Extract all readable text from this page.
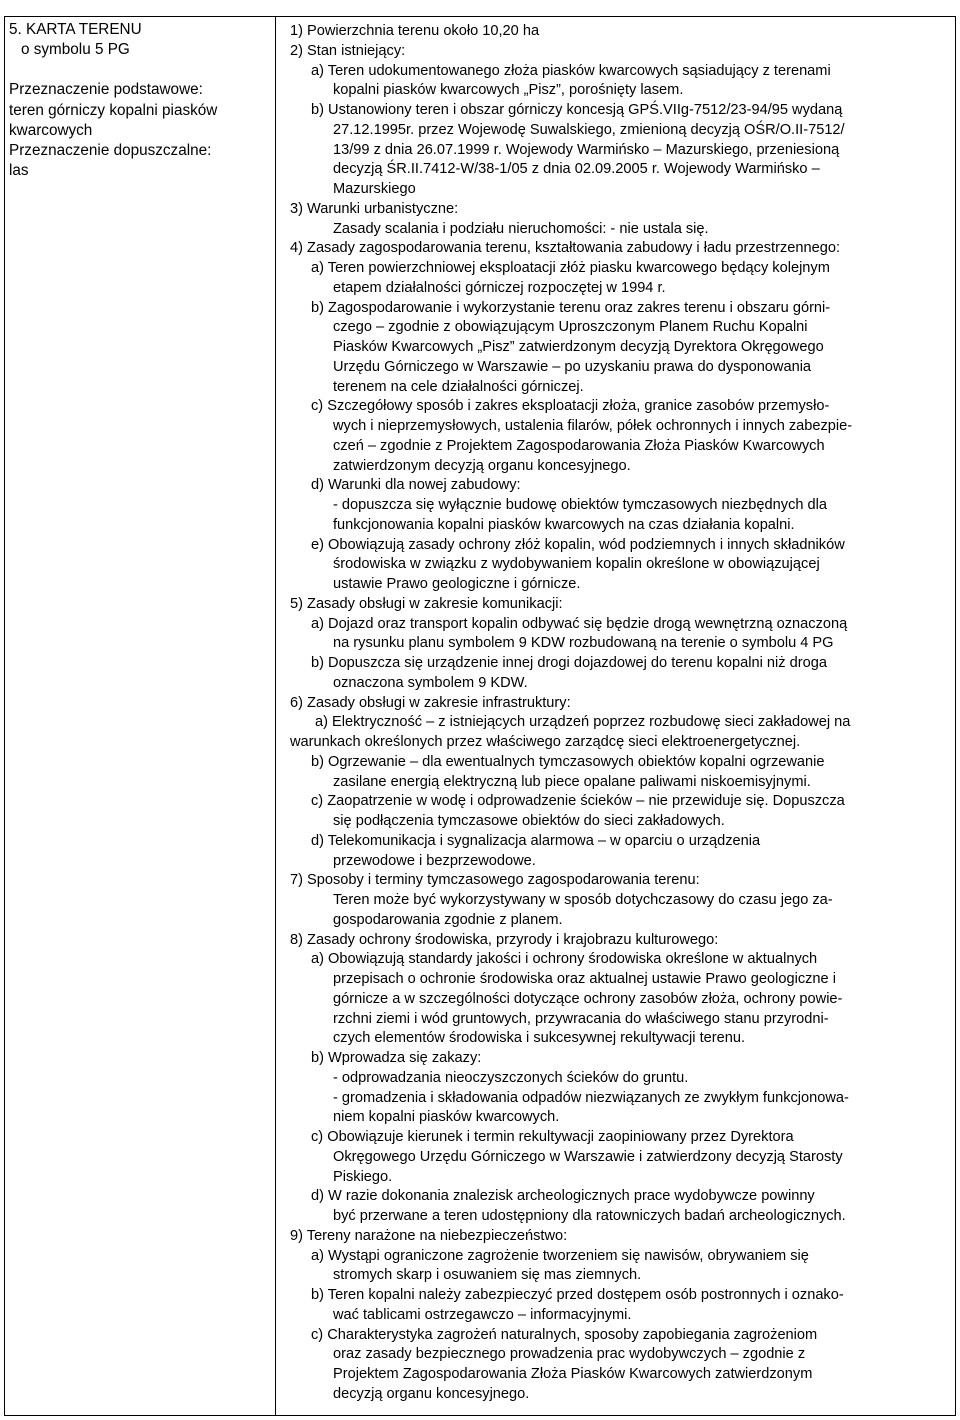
5. KARTA TERENU
o symbolu 5 PG
Przeznaczenie podstawowe:
teren górniczy kopalni piasków
kwarcowych
Przeznaczenie dopuszczalne:
las
1) Powierzchnia terenu około 10,20 ha
2) Stan istniejący:
a) Teren udokumentowanego złoża piasków kwarcowych sąsiadujący z terenami
kopalni piasków kwarcowych „Pisz”, porośnięty lasem.
b) Ustanowiony teren i obszar górniczy koncesją GPŚ.VIIg-7512/23-94/95 wydaną
27.12.1995r. przez Wojewodę Suwalskiego, zmienioną decyzją OŚR/O.II-7512/
13/99 z dnia 26.07.1999 r. Wojewody Warmińsko – Mazurskiego, przeniesioną
decyzją ŚR.II.7412-W/38-1/05 z dnia 02.09.2005 r. Wojewody Warmińsko –
Mazurskiego
3) Warunki urbanistyczne:
Zasady scalania i podziału nieruchomości: - nie ustala się.
4) Zasady zagospodarowania terenu, kształtowania zabudowy i ładu przestrzennego:
a) Teren powierzchniowej eksploatacji złóż piasku kwarcowego będący kolejnym
etapem działalności górniczej rozpoczętej w 1994 r.
b) Zagospodarowanie i wykorzystanie terenu oraz zakres terenu i obszaru górni-
czego – zgodnie z obowiązującym Uproszczonym Planem Ruchu Kopalni
Piasków Kwarcowych „Pisz” zatwierdzonym decyzją Dyrektora Okręgowego
Urzędu Górniczego w Warszawie – po uzyskaniu prawa do dysponowania
terenem na cele działalności górniczej.
c) Szczegółowy sposób i zakres eksploatacji złoża, granice zasobów przemysło-
wych i nieprzemysłowych, ustalenia filarów, półek ochronnych i innych zabezpie-
czeń – zgodnie z Projektem Zagospodarowania Złoża Piasków Kwarcowych
zatwierdzonym decyzją organu koncesyjnego.
d) Warunki dla nowej zabudowy:
- dopuszcza się wyłącznie budowę obiektów tymczasowych niezbędnych dla
funkcjonowania kopalni piasków kwarcowych na czas działania kopalni.
e) Obowiązują zasady ochrony złóż kopalin, wód podziemnych i innych składników
środowiska w związku z wydobywaniem kopalin określone w obowiązującej
ustawie Prawo geologiczne i górnicze.
5) Zasady obsługi w zakresie komunikacji:
a) Dojazd oraz transport kopalin odbywać się będzie drogą wewnętrzną oznaczoną
na rysunku planu symbolem 9 KDW rozbudowaną na terenie o symbolu 4 PG
b) Dopuszcza się urządzenie innej drogi dojazdowej do terenu kopalni niż droga
oznaczona symbolem 9 KDW.
6) Zasady obsługi w zakresie infrastruktury:
a) Elektryczność – z istniejących urządzeń poprzez rozbudowę sieci zakładowej na
warunkach określonych przez właściwego zarządcę sieci elektroenergetycznej.
b) Ogrzewanie – dla ewentualnych tymczasowych obiektów kopalni ogrzewanie
zasilane energią elektryczną lub piece opalane paliwami niskoemisyjnymi.
c) Zaopatrzenie w wodę i odprowadzenie ścieków – nie przewiduje się. Dopuszcza
się podłączenia tymczasowe obiektów do sieci zakładowych.
d) Telekomunikacja i sygnalizacja alarmowa – w oparciu o urządzenia
przewodowe i bezprzewodowe.
7) Sposoby i terminy tymczasowego zagospodarowania terenu:
Teren może być wykorzystywany w sposób dotychczasowy do czasu jego za-
gospodarowania zgodnie z planem.
8) Zasady ochrony środowiska, przyrody i krajobrazu kulturowego:
a) Obowiązują standardy jakości i ochrony środowiska określone w aktualnych
przepisach o ochronie środowiska oraz aktualnej ustawie Prawo geologiczne i
górnicze a w szczególności dotyczące ochrony zasobów złoża, ochrony powie-
rzchni ziemi i wód gruntowych, przywracania do właściwego stanu przyrodni-
czych elementów środowiska i sukcesywnej rekultywacji terenu.
b) Wprowadza się zakazy:
- odprowadzania nieoczyszczonych ścieków do gruntu.
- gromadzenia i składowania odpadów niezwiązanych ze zwykłym funkcjonowa-
niem kopalni piasków kwarcowych.
c) Obowiązuje kierunek i termin rekultywacji zaopiniowany przez Dyrektora
Okręgowego Urzędu Górniczego w Warszawie i zatwierdzony decyzją Starosty
Piskiego.
d) W razie dokonania znalezisk archeologicznych prace wydobywcze powinny
być przerwane a teren udostępniony dla ratowniczych badań archeologicznych.
9) Tereny narażone na niebezpieczeństwo:
a) Wystąpi ograniczone zagrożenie tworzeniem się nawisów, obrywaniem się
stromych skarp i osuwaniem się mas ziemnych.
b) Teren kopalni należy zabezpieczyć przed dostępem osób postronnych i oznako-
wać tablicami ostrzegawczo – informacyjnymi.
c) Charakterystyka zagrożeń naturalnych, sposoby zapobiegania zagrożeniom
oraz zasady bezpiecznego prowadzenia prac wydobywczych – zgodnie z
Projektem Zagospodarowania Złoża Piasków Kwarcowych zatwierdzonym
decyzją organu koncesyjnego.
